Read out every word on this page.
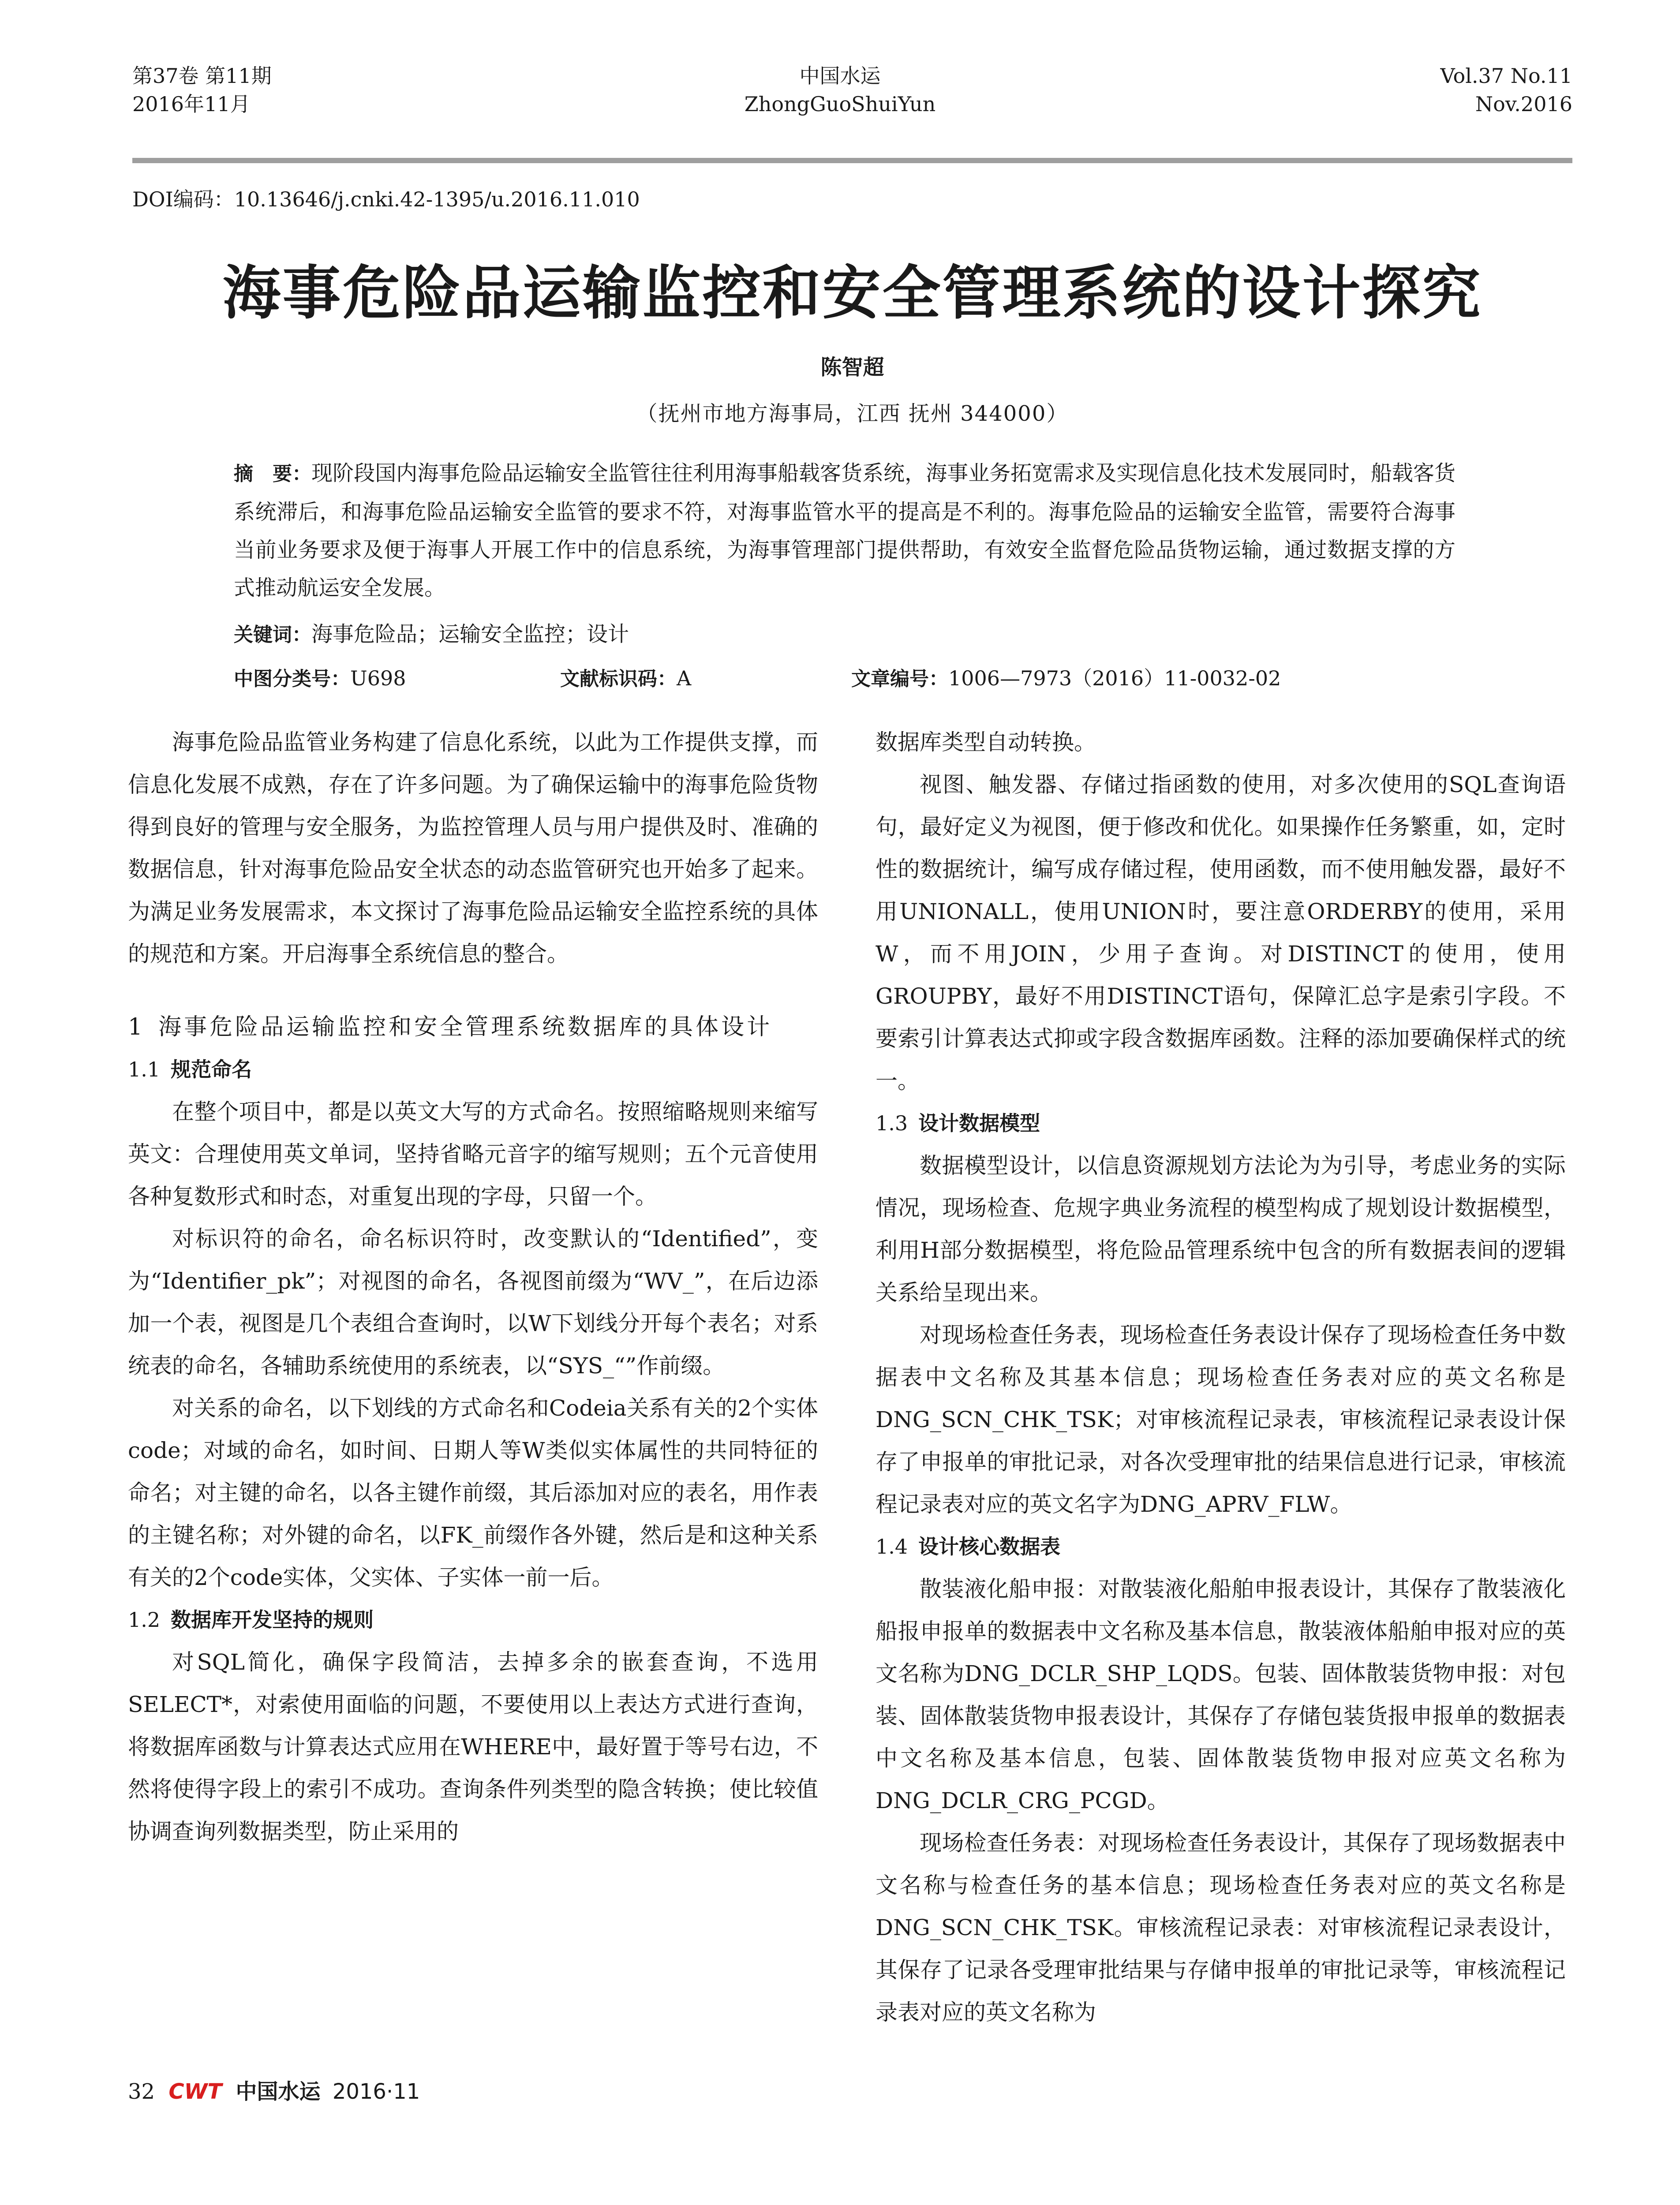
第37卷 第11期
2016年11月
中国水运
ZhongGuoShuiYun
Vol.37 No.11
Nov.2016
DOI编码：10.13646/j.cnki.42-1395/u.2016.11.010
海事危险品运输监控和安全管理系统的设计探究
陈智超
（抚州市地方海事局，江西 抚州 344000）
摘　要：现阶段国内海事危险品运输安全监管往往利用海事船载客货系统，海事业务拓宽需求及实现信息化技术发展同时，船载客货系统滞后，和海事危险品运输安全监管的要求不符，对海事监管水平的提高是不利的。海事危险品的运输安全监管，需要符合海事当前业务要求及便于海事人开展工作中的信息系统，为海事管理部门提供帮助，有效安全监督危险品货物运输，通过数据支撑的方式推动航运安全发展。
关键词：海事危险品；运输安全监控；设计
中图分类号：U698	文献标识码：A	文章编号：1006—7973（2016）11-0032-02

海事危险品监管业务构建了信息化系统，以此为工作提供支撑，而信息化发展不成熟，存在了许多问题。为了确保运输中的海事危险货物得到良好的管理与安全服务，为监控管理人员与用户提供及时、准确的数据信息，针对海事危险品安全状态的动态监管研究也开始多了起来。为满足业务发展需求，本文探讨了海事危险品运输安全监控系统的具体的规范和方案。开启海事全系统信息的整合。

1 海事危险品运输监控和安全管理系统数据库的具体设计
1.1 规范命名

在整个项目中，都是以英文大写的方式命名。按照缩略规则来缩写英文：合理使用英文单词，坚持省略元音字的缩写规则；五个元音使用各种复数形式和时态，对重复出现的字母，只留一个。

对标识符的命名，命名标识符时，改变默认的“Identified”，变为“Identifier_pk”；对视图的命名，各视图前缀为“WV_”，在后边添加一个表，视图是几个表组合查询时，以W下划线分开每个表名；对系统表的命名，各辅助系统使用的系统表，以“SYS_“”作前缀。

对关系的命名，以下划线的方式命名和Codeia关系有关的2个实体code；对域的命名，如时间、日期人等W类似实体属性的共同特征的命名；对主键的命名，以各主键作前缀，其后添加对应的表名，用作表的主键名称；对外键的命名，以FK_前缀作各外键，然后是和这种关系有关的2个code实体，父实体、子实体一前一后。

1.2 数据库开发坚持的规则

对SQL简化，确保字段简洁，去掉多余的嵌套查询，不选用SELECT*，对索使用面临的问题，不要使用以上表达方式进行查询，将数据库函数与计算表达式应用在WHERE中，最好置于等号右边，不然将使得字段上的索引不成功。查询条件列类型的隐含转换；使比较值协调查询列数据类型，防止采用的

数据库类型自动转换。

视图、触发器、存储过指函数的使用，对多次使用的SQL查询语句，最好定义为视图，便于修改和优化。如果操作任务繁重，如，定时性的数据统计，编写成存储过程，使用函数，而不使用触发器，最好不用UNIONALL，使用UNION时，要注意ORDERBY的使用，采用W，而不用JOIN，少用子查询。对DISTINCT的使用，使用GROUPBY，最好不用DISTINCT语句，保障汇总字是索引字段。不要索引计算表达式抑或字段含数据库函数。注释的添加要确保样式的统一。

1.3 设计数据模型

数据模型设计，以信息资源规划方法论为为引导，考虑业务的实际情况，现场检查、危规字典业务流程的模型构成了规划设计数据模型，利用H部分数据模型，将危险品管理系统中包含的所有数据表间的逻辑关系给呈现出来。

对现场检查任务表，现场检查任务表设计保存了现场检查任务中数据表中文名称及其基本信息；现场检查任务表对应的英文名称是DNG_SCN_CHK_TSK；对审核流程记录表，审核流程记录表设计保存了申报单的审批记录，对各次受理审批的结果信息进行记录，审核流程记录表对应的英文名字为DNG_APRV_FLW。

1.4 设计核心数据表

散装液化船申报：对散装液化船舶申报表设计，其保存了散装液化船报申报单的数据表中文名称及基本信息，散装液体船舶申报对应的英文名称为DNG_DCLR_SHP_LQDS。包装、固体散装货物申报：对包装、固体散装货物申报表设计，其保存了存储包装货报申报单的数据表中文名称及基本信息，包装、固体散装货物申报对应英文名称为DNG_DCLR_CRG_PCGD。

现场检查任务表：对现场检查任务表设计，其保存了现场数据表中文名称与检查任务的基本信息；现场检查任务表对应的英文名称是DNG_SCN_CHK_TSK。审核流程记录表：对审核流程记录表设计，其保存了记录各受理审批结果与存储申报单的审批记录等，审核流程记录表对应的英文名称为

32 CWT 中国水运 2016·11
